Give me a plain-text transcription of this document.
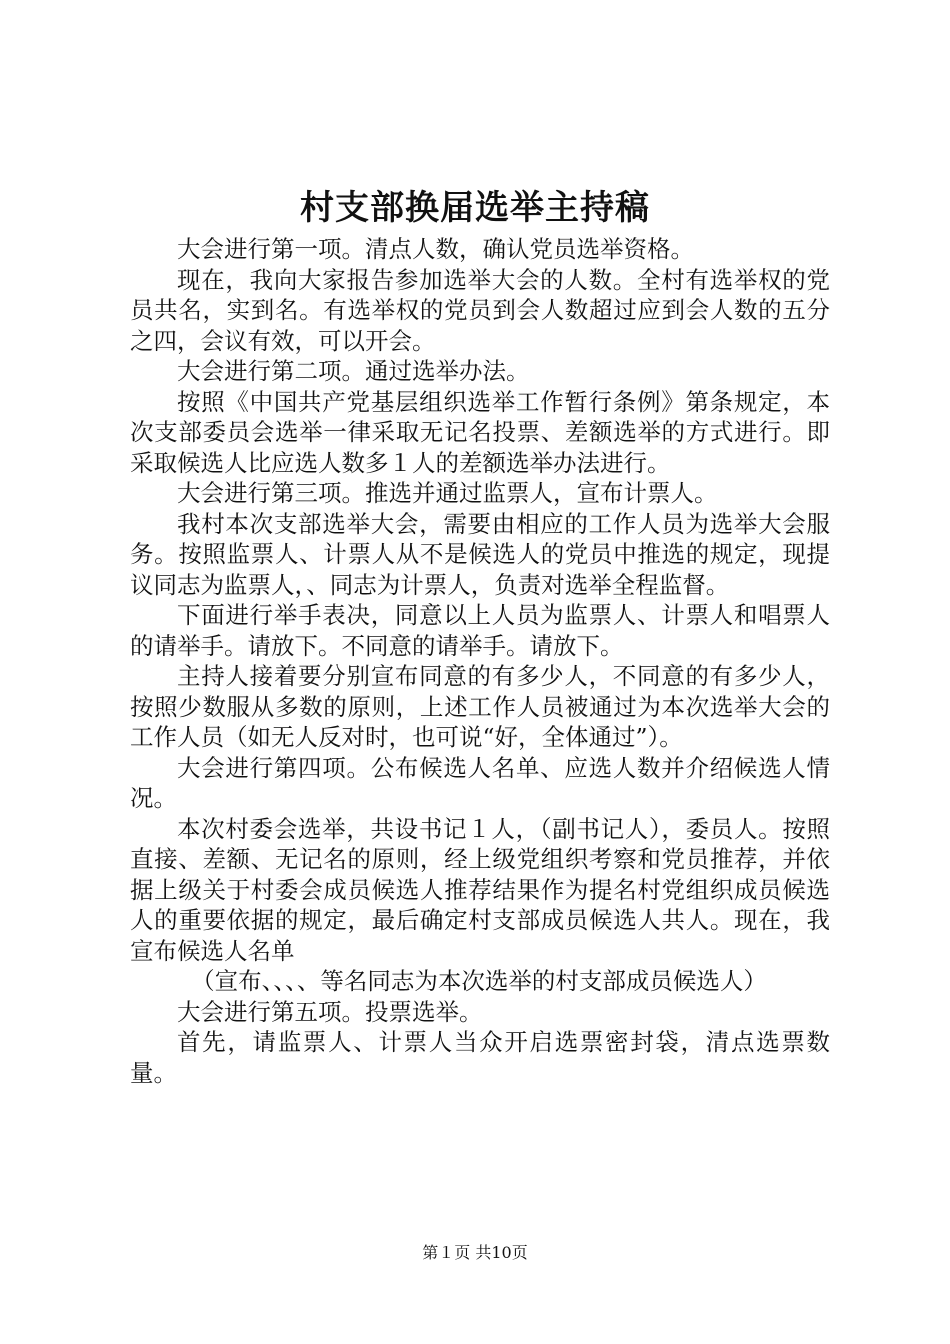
村支部换届选举主持稿

大会进行第一项。清点人数，确认党员选举资格。

现在，我向大家报告参加选举大会的人数。全村有选举权的党员共名，实到名。有选举权的党员到会人数超过应到会人数的五分之四，会议有效，可以开会。

大会进行第二项。通过选举办法。

按照《中国共产党基层组织选举工作暂行条例》第条规定，本次支部委员会选举一律采取无记名投票、差额选举的方式进行。即采取候选人比应选人数多１人的差额选举办法进行。

大会进行第三项。推选并通过监票人，宣布计票人。

我村本次支部选举大会，需要由相应的工作人员为选举大会服务。按照监票人、计票人从不是候选人的党员中推选的规定，现提议同志为监票人，、同志为计票人，负责对选举全程监督。

下面进行举手表决，同意以上人员为监票人、计票人和唱票人的请举手。请放下。不同意的请举手。请放下。

主持人接着要分别宣布同意的有多少人，不同意的有多少人，按照少数服从多数的原则，上述工作人员被通过为本次选举大会的工作人员（如无人反对时，也可说“好，全体通过”）。

大会进行第四项。公布候选人名单、应选人数并介绍候选人情况。

本次村委会选举，共设书记１人，（副书记人），委员人。按照直接、差额、无记名的原则，经上级党组织考察和党员推荐，并依据上级关于村委会成员候选人推荐结果作为提名村党组织成员候选人的重要依据的规定，最后确定村支部成员候选人共人。现在，我宣布候选人名单

（宣布、、、、等名同志为本次选举的村支部成员候选人）

大会进行第五项。投票选举。

首先，请监票人、计票人当众开启选票密封袋，清点选票数量。

第１页 共10页
